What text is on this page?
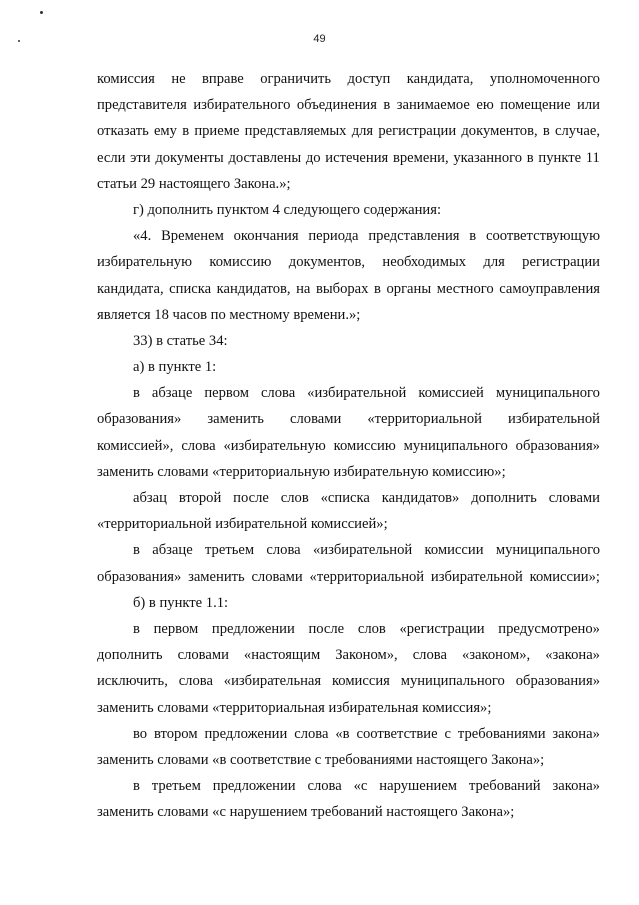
49
комиссия не вправе ограничить доступ кандидата, уполномоченного
представителя избирательного объединения в занимаемое ею помещение или
отказать ему в приеме представляемых для регистрации документов, в случае,
если эти документы доставлены до истечения времени, указанного в пункте 11
статьи 29 настоящего Закона.»;
г) дополнить пунктом 4 следующего содержания:
«4. Временем окончания периода представления в соответствующую
избирательную комиссию документов, необходимых для регистрации
кандидата, списка кандидатов, на выборах в органы местного самоуправления
является 18 часов по местному времени.»;
33) в статье 34:
а) в пункте 1:
в абзаце первом слова «избирательной комиссией муниципального
образования» заменить словами «территориальной избирательной
комиссией», слова «избирательную комиссию муниципального образования»
заменить словами «территориальную избирательную комиссию»;
абзац второй после слов «списка кандидатов» дополнить словами
«территориальной избирательной комиссией»;
в абзаце третьем слова «избирательной комиссии муниципального
образования» заменить словами «территориальной избирательной комиссии»;
б) в пункте 1.1:
в первом предложении после слов «регистрации предусмотрено»
дополнить словами «настоящим Законом», слова «законом», «закона»
исключить, слова «избирательная комиссия муниципального образования»
заменить словами «территориальная избирательная комиссия»;
во втором предложении слова «в соответствие с требованиями закона»
заменить словами «в соответствие с требованиями настоящего Закона»;
в третьем предложении слова «с нарушением требований закона»
заменить словами «с нарушением требований настоящего Закона»;
